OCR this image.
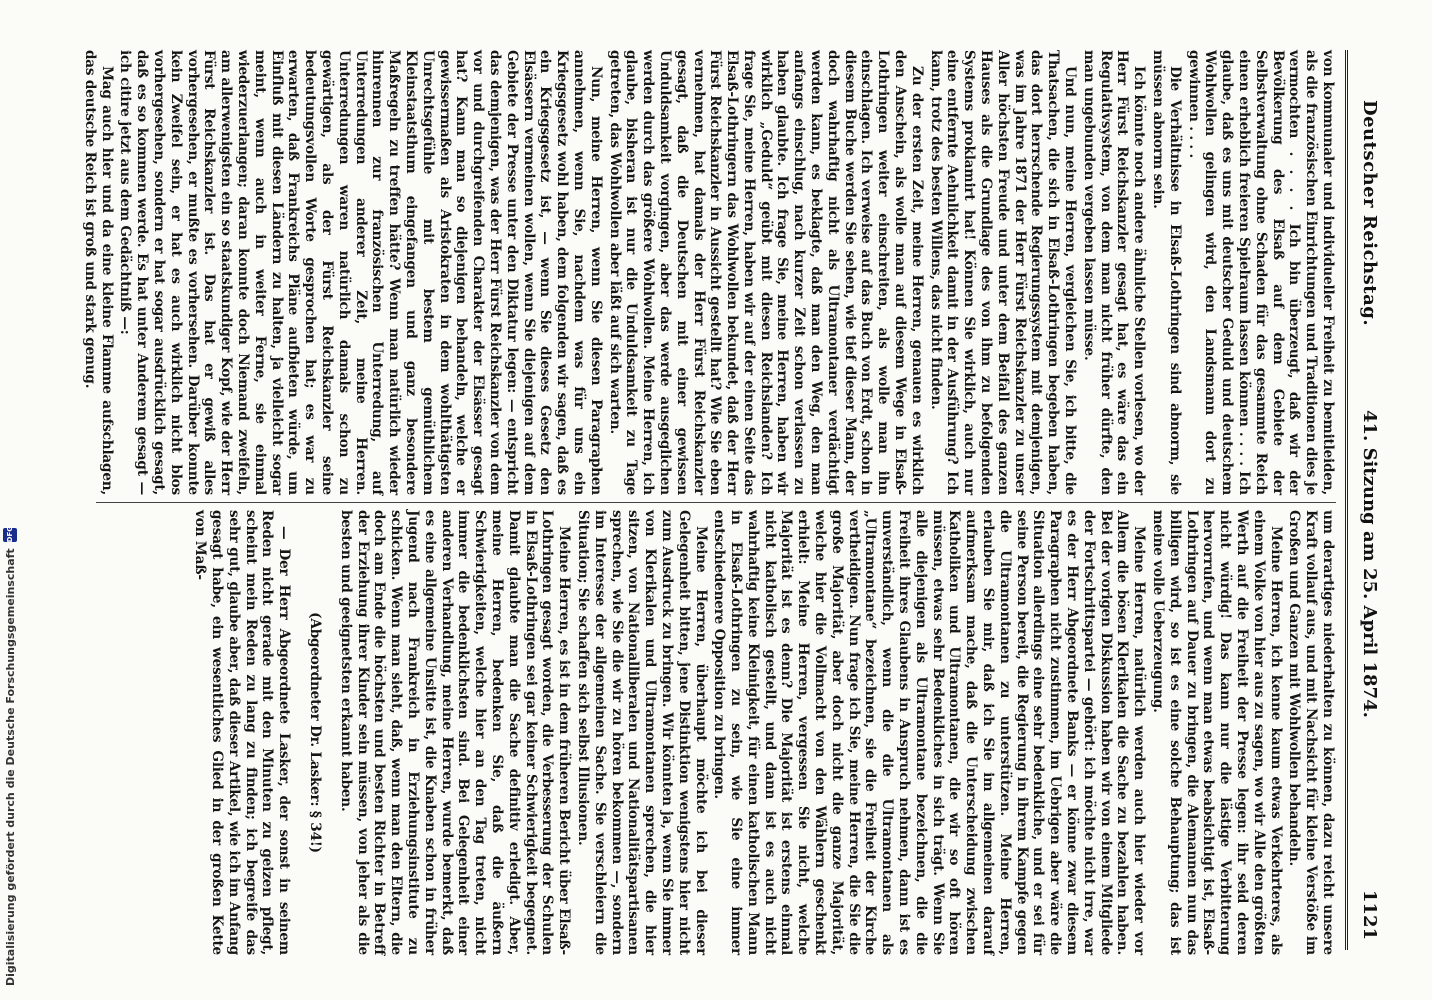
Deutscher Reichstag.
41. Sitzung am 25. April 1874.
1121

von kommunaler und individueller Freiheit zu bemitleiden, als die französischen Einrichtungen und Traditionen dies je vermochten . . . . Ich bin überzeugt, daß wir der Bevölkerung des Elsaß auf dem Gebiete der Selbstverwaltung ohne Schaden für das gesammte Reich einen erheblich freieren Spielraum lassen können . . . . Ich glaube, daß es uns mit deutscher Geduld und deutschem Wohlwollen gelingen wird, den Landsmann dort zu gewinnen . . . .

Die Verhältnisse in Elsaß-Lothringen sind abnorm, sie müssen abnorm sein.

Ich könnte noch andere ähnliche Stellen vorlesen, wo der Herr Fürst Reichskanzler gesagt hat, es wäre das ein Regulativsystem, von dem man nicht früher dürfte, den man ungebunden vergeben lassen müsse.

Und nun, meine Herren, vergleichen Sie, ich bitte, die Thatsachen, die sich in Elsaß-Lothringen begeben haben, das dort herrschende Regierungssystem mit demjenigen, was im Jahre 1871 der Herr Fürst Reichskanzler zu unser Aller höchsten Freude und unter dem Beifall des ganzen Hauses als die Grundlage des von ihm zu befolgenden Systems proklamirt hat! Können Sie wirklich, auch nur eine entfernte Aehnlichkeit damit in der Ausführung? Ich kann, trotz des besten Willens, das nicht finden.

Zu der ersten Zeit, meine Herren, genauen es wirklich den Anschein, als wolle man auf diesem Wege in Elsaß-Lothringen weiter einschreiten, als wolle man ihn einschlagen. Ich verweise auf das Buch von Erdt, schon in diesem Buche werden Sie sehen, wie tief dieser Mann, der doch wahrhaftig nicht als Ultramontaner verdächtigt werden kann, es beklagte, daß man den Weg, den man anfangs einschlug, nach kurzer Zeit schon verlassen zu haben glaubte. Ich frage Sie, meine Herren, haben wir wirklich „Geduld“ geübt mit diesen Reichslanden? Ich frage Sie, meine Herren, haben wir auf der einen Seite das Elsaß-Lothringern das Wohlwollen bekundet, daß der Herr Fürst Reichskanzler in Aussicht gestellt hat? Wie Sie eben vernehmen, hat damals der Herr Fürst Reichskanzler gesagt, daß die Deutschen mit einer gewissen Unduldsamkeit vorgingen, aber das werde ausgeglichen werden durch das größere Wohlwollen. Meine Herren, ich glaube, bisheran ist nur die Unduldsamkeit zu Tage getreten, das Wohlwollen aber läßt auf sich warten.

Nun, meine Herren, wenn Sie diesen Paragraphen annehmen, wenn Sie, nachdem was für uns ein Kriegsgesetz wohl haben, dem folgenden wir sagen, daß es ein Kriegsgesetz ist, — wenn Sie dieses Gesetz den Elsässern vermeinen wollen, wenn Sie diejenigen auf dem Gebiete der Presse unter den Diktatur legen: — entspricht das demjenigen, was der Herr Fürst Reichskanzler von dem vor und durchgreifenden Charakter der Elsässer gesagt hat? Kann man so diejenigen behandeln, welche er gewissermaßen als Aristokraten in dem wohlthätigsten Unrechtsgefühle mit bestem gemüthlichem Kleinstaatsthum eingefangen und ganz besondere Maßregeln zu treffen hätte? Wenn man natürlich wieder hinrennen zur französischen Unterredung, auf Unterredungen anderer Zeit, meine Herren. Unterredungen waren natürlich damals schon zu gewärtigen, als der Fürst Reichskanzler seine bedeutungsvollen Worte gesprochen hat; es war zu erwarten, daß Frankreichs Pläne aufbieten würde, um Einfluß mit diesen Ländern zu halten, ja vielleicht sogar meint, wenn auch in weiter Ferne, sie einmal wiederzuerlangen; daran konnte doch Niemand zweifeln, am allerwenigsten ein so staatskundiger Kopf, wie der Herr Fürst Reichskanzler ist. Das hat er gewiß alles vorhergesehen, er mußte es vorhersehen. Darüber konnte kein Zweifel sein, er hat es auch wirklich nicht blos vorhergesehen, sondern er hat sogar ausdrücklich gesagt, daß es so kommen werde. Es hat unter Anderem gesagt — ich citire jetzt aus dem Gedächtniß —:

Mag auch hier und da eine kleine Flamme aufschlagen, das deutsche Reich ist groß und stark genug.

um derartiges niederhalten zu können, dazu reicht unsere Kraft vollauf aus, und mit Nachsicht für kleine Verstöße im Großen und Ganzen mit Wohlwollen behandeln.

Meine Herren, ich kenne kaum etwas Verkehrteres, als einem Volke von hier aus zu sagen, wo wir Alle den größten Werth auf die Freiheit der Presse legen: ihr seid deren nicht würdig! Das kann nur die lästige Verbitterung hervorrufen, und wenn man etwas beabsichtigt ist, Elsaß-Lothringen auf Dauer zu bringen, die Alemannen nun das billigen wird, so ist es eine solche Behauptung; das ist meine volle Ueberzeugung.

Meine Herren, natürlich werden auch hier wieder vor Allem die bösen Klerikalen die Sache zu bezahlen haben. Bei der vorigen Diskussion haben wir von einem Mitgliede der Fortschrittspartei — gehört: ich möchte nicht irre, war es der Herr Abgeordnete Banks — er könne zwar diesem Paragraphen nicht zustimmen, im Uebrigen aber wäre die Situation allerdings eine sehr bedenkliche, und er sei für seine Person bereit, die Regierung in ihrem Kampfe gegen die Ultramontanen zu unterstützen. Meine Herren, erlauben Sie mir, daß ich Sie im allgemeinen darauf aufmerksam mache, daß die Unterscheidung zwischen Katholiken und Ultramontanen, die wir so oft hören müssen, etwas sehr Bedenkliches in sich trägt. Wenn Sie alle diejenigen als Ultramontane bezeichnen, die die Freiheit ihres Glaubens in Anspruch nehmen, dann ist es unverständlich, wenn die die Ultramontanen als „Ultramontane“ bezeichnen, sie die Freiheit der Kirche vertheidigen. Nun frage ich Sie, meine Herren, die Sie die große Majorität, aber doch nicht die ganze Majorität, welche hier die Vollmacht von den Wählern geschenkt erhielt: Meine Herren, vergessen Sie nicht, welche Majorität ist es denn? Die Majorität ist erstens einmal nicht katholisch gestellt, und dann ist es auch nicht wahrhaftig keine Kleinigkeit, für einen katholischen Mann in Elsaß-Lothringen zu sein, wie Sie eine immer entschiedenere Opposition zu bringen.

Meine Herren, überhaupt möchte ich bei dieser Gelegenheit bitten, jene Distinktion wenigstens hier nicht zum Ausdruck zu bringen. Wir könnten ja, wenn Sie immer von Klerikalen und Ultramontanen sprechen, die hier sitzen, von Nationalliberalen und Nationalitätspartisanen sprechen, wie Sie die wir zu hören bekommen —, sondern im Interesse der allgemeinen Sache. Sie verschleiern die Situation; Sie schaffen sich selbst Illusionen.

Meine Herren, es ist in dem früheren Bericht über Elsaß-Lothringen gesagt worden, die Verbesserung der Schulen in Elsaß-Lothringen sei gar keiner Schwierigkeit begegnet. Damit glaubte man die Sache definitiv erledigt. Aber, meine Herren, bedenken Sie, daß die äußern Schwierigkeiten, welche hier an den Tag treten, nicht immer die bedenklichsten sind. Bei Gelegenheit einer anderen Verhandlung, meine Herren, wurde bemerkt, daß es eine allgemeine Unsitte ist, die Knaben schon in früher Jugend nach Frankreich in Erziehungsinstitute zu schicken. Wenn man sieht, daß, wenn man den Eltern, die doch am Ende die höchsten und besten Richter in Betreff der Erziehung ihrer Kinder sein müssen, von jeher als die besten und geeignetsten erkannt haben.

(Abgeordneter Dr. Lasker: § 34!)

— Der Herr Abgeordnete Lasker, der sonst in seinem Reden nicht gerade mit den Minuten zu geizen pflegt, scheint mein Reden zu lang zu finden; ich begreife das sehr gut, glaube aber, daß dieser Artikel, wie ich im Anfang gesagt habe, ein wesentliches Glied in der großen Kette von Maß-

Digitalisierung gefördert durch die Deutsche Forschungsgemeinschaft
DFG
